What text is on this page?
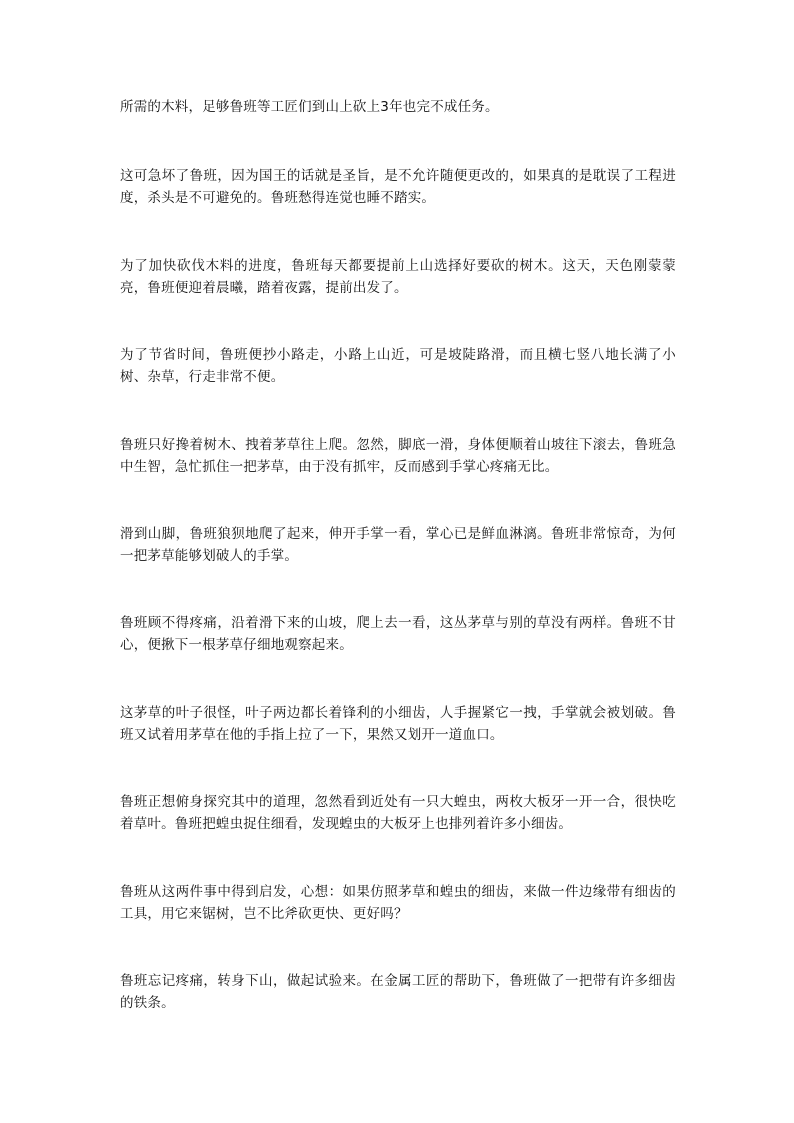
所需的木料，足够鲁班等工匠们到山上砍上3年也完不成任务。

这可急坏了鲁班，因为国王的话就是圣旨，是不允许随便更改的，如果真的是耽误了工程进度，杀头是不可避免的。鲁班愁得连觉也睡不踏实。

为了加快砍伐木料的进度，鲁班每天都要提前上山选择好要砍的树木。这天，天色刚蒙蒙亮，鲁班便迎着晨曦，踏着夜露，提前出发了。

为了节省时间，鲁班便抄小路走，小路上山近，可是坡陡路滑，而且横七竖八地长满了小树、杂草，行走非常不便。

鲁班只好搀着树木、拽着茅草往上爬。忽然，脚底一滑，身体便顺着山坡往下滚去，鲁班急中生智，急忙抓住一把茅草，由于没有抓牢，反而感到手掌心疼痛无比。

滑到山脚，鲁班狼狈地爬了起来，伸开手掌一看，掌心已是鲜血淋漓。鲁班非常惊奇，为何一把茅草能够划破人的手掌。

鲁班顾不得疼痛，沿着滑下来的山坡，爬上去一看，这丛茅草与别的草没有两样。鲁班不甘心，便揪下一根茅草仔细地观察起来。

这茅草的叶子很怪，叶子两边都长着锋利的小细齿，人手握紧它一拽，手掌就会被划破。鲁班又试着用茅草在他的手指上拉了一下，果然又划开一道血口。

鲁班正想俯身探究其中的道理，忽然看到近处有一只大蝗虫，两枚大板牙一开一合，很快吃着草叶。鲁班把蝗虫捉住细看，发现蝗虫的大板牙上也排列着许多小细齿。

鲁班从这两件事中得到启发，心想：如果仿照茅草和蝗虫的细齿，来做一件边缘带有细齿的工具，用它来锯树，岂不比斧砍更快、更好吗？

鲁班忘记疼痛，转身下山，做起试验来。在金属工匠的帮助下，鲁班做了一把带有许多细齿的铁条。
